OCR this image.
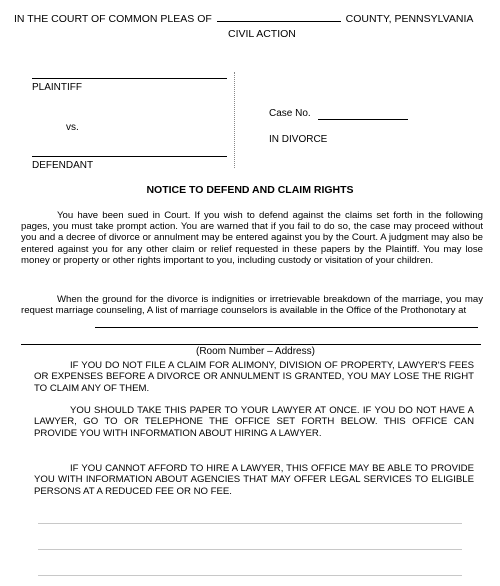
IN THE COURT OF COMMON PLEAS OF	COUNTY, PENNSYLVANIA
CIVIL ACTION
PLAINTIFF
vs.
DEFENDANT
Case No.
IN DIVORCE
NOTICE TO DEFEND AND CLAIM RIGHTS
You have been sued in Court. If you wish to defend against the claims set forth in the following pages, you must take prompt action. You are warned that if you fail to do so, the case may proceed without you and a decree of divorce or annulment may be entered against you by the Court. A judgment may also be entered against you for any other claim or relief requested in these papers by the Plaintiff. You may lose money or property or other rights important to you, including custody or visitation of your children.
When the ground for the divorce is indignities or irretrievable breakdown of the marriage, you may request marriage counseling, A list of marriage counselors is available in the Office of the Prothonotary at
(Room Number – Address)
IF YOU DO NOT FILE A CLAIM FOR ALIMONY, DIVISION OF PROPERTY, LAWYER'S FEES OR EXPENSES BEFORE A DIVORCE OR ANNULMENT IS GRANTED, YOU MAY LOSE THE RIGHT TO CLAIM ANY OF THEM.
YOU SHOULD TAKE THIS PAPER TO YOUR LAWYER AT ONCE. IF YOU DO NOT HAVE A LAWYER, GO TO OR TELEPHONE THE OFFICE SET FORTH BELOW. THIS OFFICE CAN PROVIDE YOU WITH INFORMATION ABOUT HIRING A LAWYER.
IF YOU CANNOT AFFORD TO HIRE A LAWYER, THIS OFFICE MAY BE ABLE TO PROVIDE YOU WITH INFORMATION ABOUT AGENCIES THAT MAY OFFER LEGAL SERVICES TO ELIGIBLE PERSONS AT A REDUCED FEE OR NO FEE.
